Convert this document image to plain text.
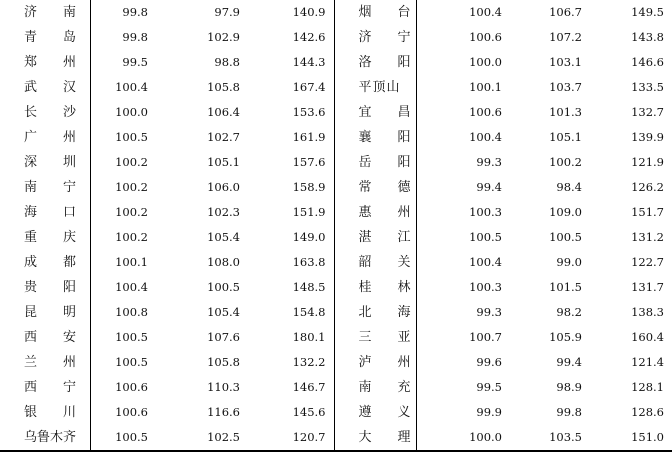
济　　南	99.8	97.9	140.9	烟　　台	100.4	106.7	149.5
青　　岛	99.8	102.9	142.6	济　　宁	100.6	107.2	143.8
郑　　州	99.5	98.8	144.3	洛　　阳	100.0	103.1	146.6
武　　汉	100.4	105.8	167.4	平顶山	100.1	103.7	133.5
长　　沙	100.0	106.4	153.6	宜　　昌	100.6	101.3	132.7
广　　州	100.5	102.7	161.9	襄　　阳	100.4	105.1	139.9
深　　圳	100.2	105.1	157.6	岳　　阳	99.3	100.2	121.9
南　　宁	100.2	106.0	158.9	常　　德	99.4	98.4	126.2
海　　口	100.2	102.3	151.9	惠　　州	100.3	109.0	151.7
重　　庆	100.2	105.4	149.0	湛　　江	100.5	100.5	131.2
成　　都	100.1	108.0	163.8	韶　　关	100.4	99.0	122.7
贵　　阳	100.4	100.5	148.5	桂　　林	100.3	101.5	131.7
昆　　明	100.8	105.4	154.8	北　　海	99.3	98.2	138.3
西　　安	100.5	107.6	180.1	三　　亚	100.7	105.9	160.4
兰　　州	100.5	105.8	132.2	泸　　州	99.6	99.4	121.4
西　　宁	100.6	110.3	146.7	南　　充	99.5	98.9	128.1
银　　川	100.6	116.6	145.6	遵　　义	99.9	99.8	128.6
乌鲁木齐	100.5	102.5	120.7	大　　理	100.0	103.5	151.0
